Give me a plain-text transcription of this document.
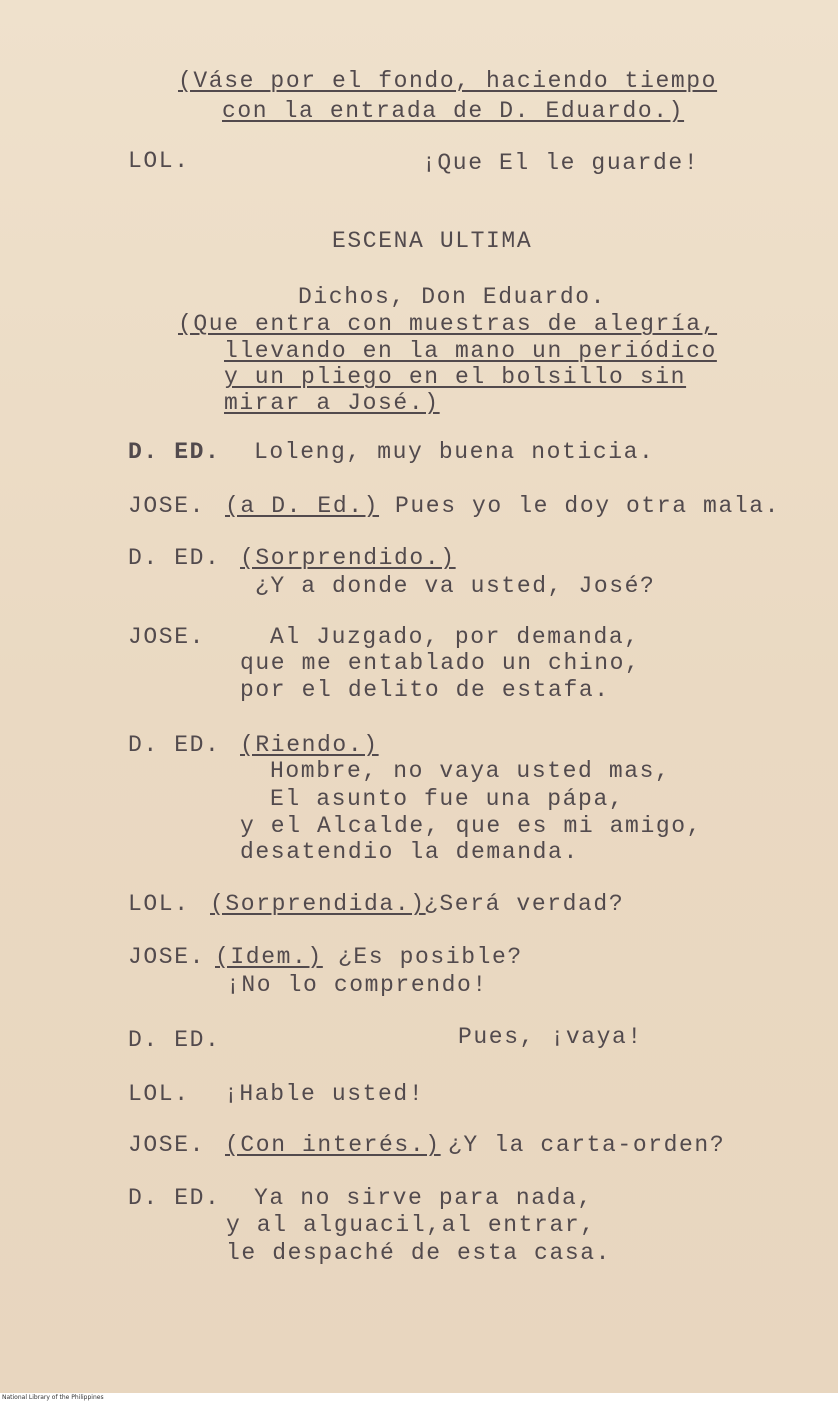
(Váse por el fondo, haciendo tiempo
con la entrada de D. Eduardo.)
LOL.	¡Que El le guarde!
ESCENA ULTIMA
Dichos, Don Eduardo.
(Que entra con muestras de alegría,
llevando en la mano un periódico
y un pliego en el bolsillo sin
mirar a José.)
D. ED. Loleng, muy buena noticia.
JOSE. (a D. Ed.) Pues yo le doy otra mala.
D. ED. (Sorprendido.)
¿Y a donde va usted, José?
JOSE.	Al Juzgado, por demanda,
que me entablado un chino,
por el delito de estafa.
D. ED. (Riendo.)
Hombre, no vaya usted mas,
El asunto fue una pápa,
y el Alcalde, que es mi amigo,
desatendio la demanda.
LOL. (Sorprendida.)
¿Será verdad?
JOSE. (Idem.) ¿Es posible?
¡No lo comprendo!
D. ED.	Pues, ¡vaya!
LOL. ¡Hable usted!
JOSE. (Con interés.) ¿Y la carta-orden?
D. ED. Ya no sirve para nada,
y al alguacil,al entrar,
le despaché de esta casa.
National Library of the Philippines
